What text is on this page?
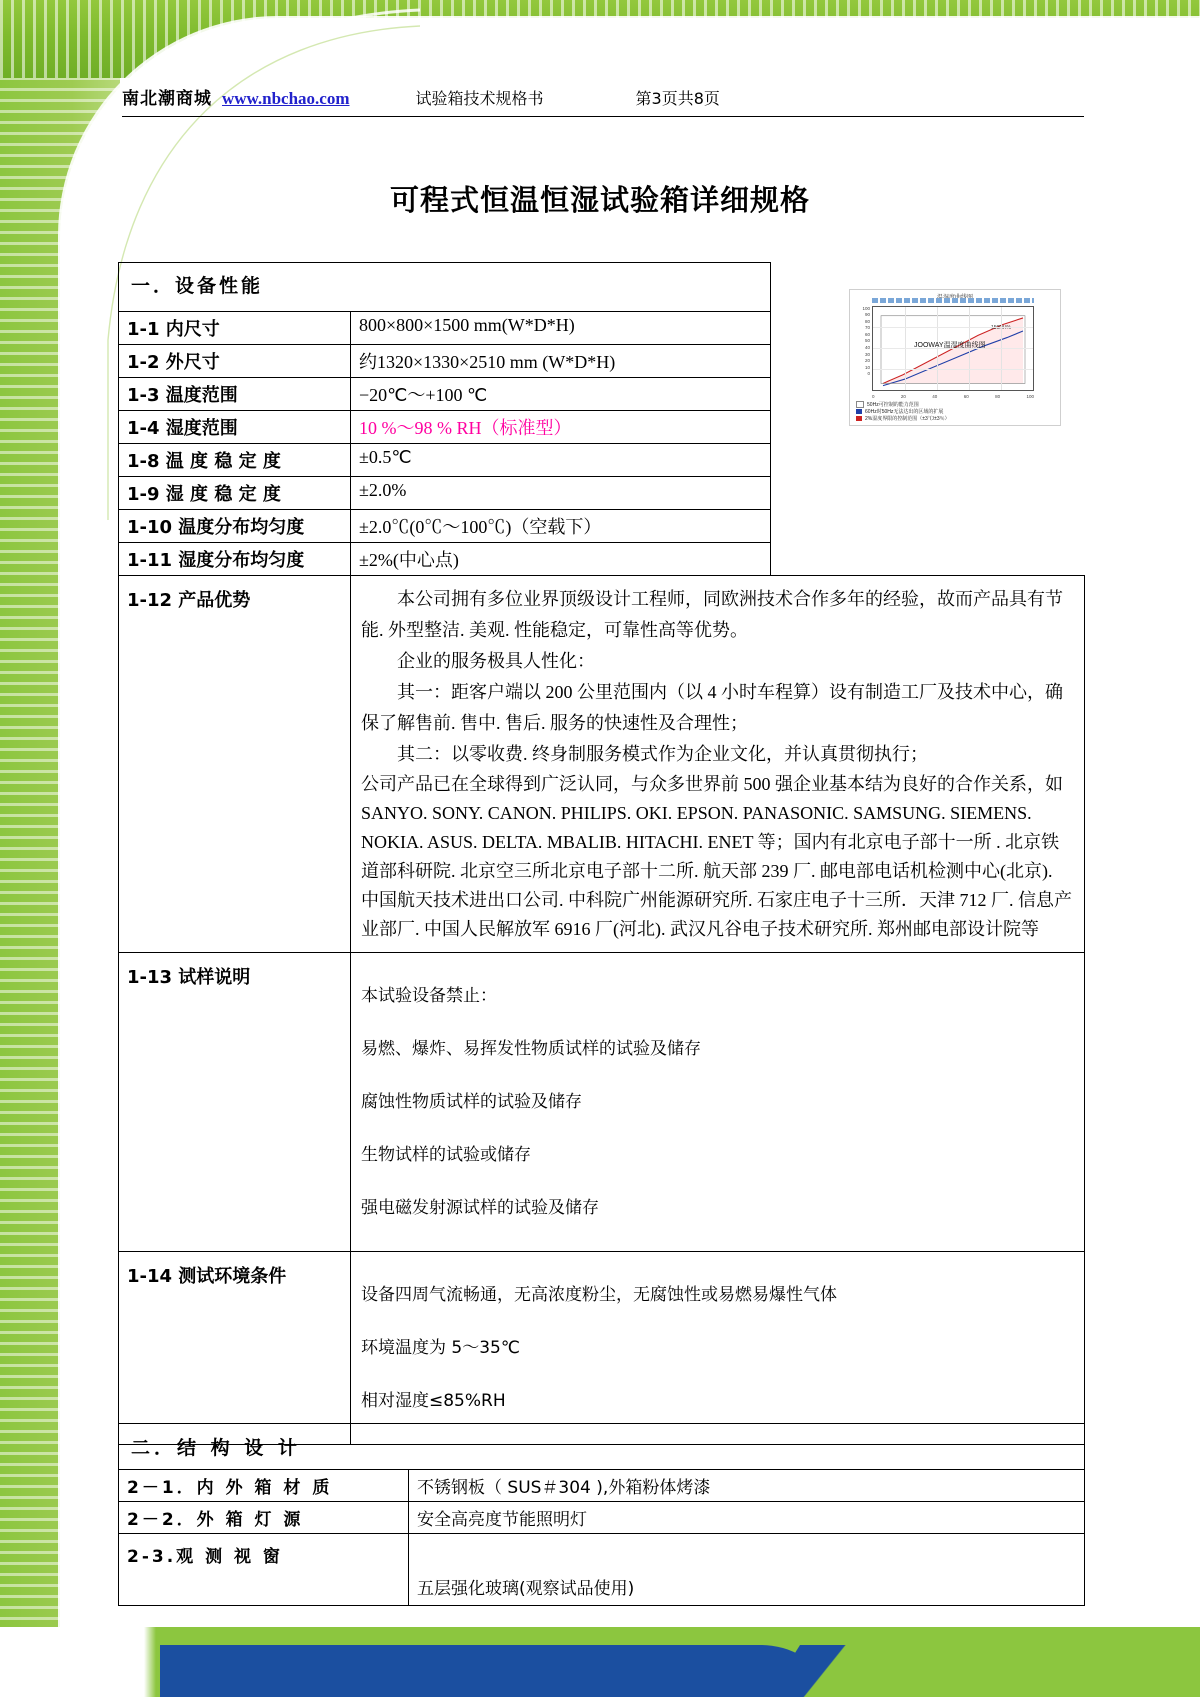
南北潮商城 www.nbchao.com	试验箱技术规格书	第3页共8页
可程式恒温恒湿试验箱详细规格
一．设备性能	
100
90
80
70
60
50
40
30
20
10
0
JOOWAY温湿度曲线图
0	20	40	60	80	100
50Hz可控制的能力范围
60Hz时50Hz无法达出的区域的扩展
2%湿度界限的控制范围（±3℃/±3％）

1-1 内尺寸	800×800×1500 mm(W*D*H)	
1-2 外尺寸	约1320×1330×2510 mm (W*D*H)	
1-3 温度范围	−20℃～+100 ℃	
1-4 湿度范围	10 %～98 % RH（标准型）	
1-8 温 度 稳 定 度	±0.5℃	
1-9 湿 度 稳 定 度	±2.0%	
1-10 温度分布均匀度	±2.0℃(0℃～100℃)（空载下）	
1-11 湿度分布均匀度	±2%(中心点)	
1-12 产品优势	本公司拥有多位业界顶级设计工程师，同欧洲技术合作多年的经验，故而产品具有节能. 外型整洁. 美观. 性能稳定，可靠性高等优势。

企业的服务极具人性化：

其一：距客户端以 200 公里范围内（以 4 小时车程算）设有制造工厂及技术中心，确保了解售前. 售中. 售后. 服务的快速性及合理性；

其二：以零收费. 终身制服务模式作为企业文化，并认真贯彻执行；

公司产品已在全球得到广泛认同，与众多世界前 500 强企业基本结为良好的合作关系，如 SANYO. SONY. CANON. PHILIPS. OKI. EPSON. PANASONIC. SAMSUNG. SIEMENS. NOKIA. ASUS. DELTA. MBALIB. HITACHI. ENET 等；国内有北京电子部十一所 . 北京铁道部科研院. 北京空三所北京电子部十二所. 航天部 239 厂. 邮电部电话机检测中心(北京). 中国航天技术进出口公司. 中科院广州能源研究所. 石家庄电子十三所．天津 712 厂. 信息产业部厂. 中国人民解放军 6916 厂(河北). 武汉凡谷电子技术研究所. 郑州邮电部设计院等	

1-13 试样说明	本试验设备禁止：

易燃、爆炸、易挥发性物质试样的试验及储存

腐蚀性物质试样的试验及储存

生物试样的试验或储存

强电磁发射源试样的试验及储存	

1-14 测试环境条件	设备四周气流畅通，无高浓度粉尘，无腐蚀性或易燃易爆性气体

环境温度为 5～35℃

相对湿度≤85%RH	

二．结 构 设 计	
2－1．内 外 箱 材 质	不锈钢板（ SUS＃304 ),外箱粉体烤漆
2－2．外 箱 灯 源	安全高亮度节能照明灯
2-3.观 测 视 窗	五层强化玻璃(观察试品使用)
